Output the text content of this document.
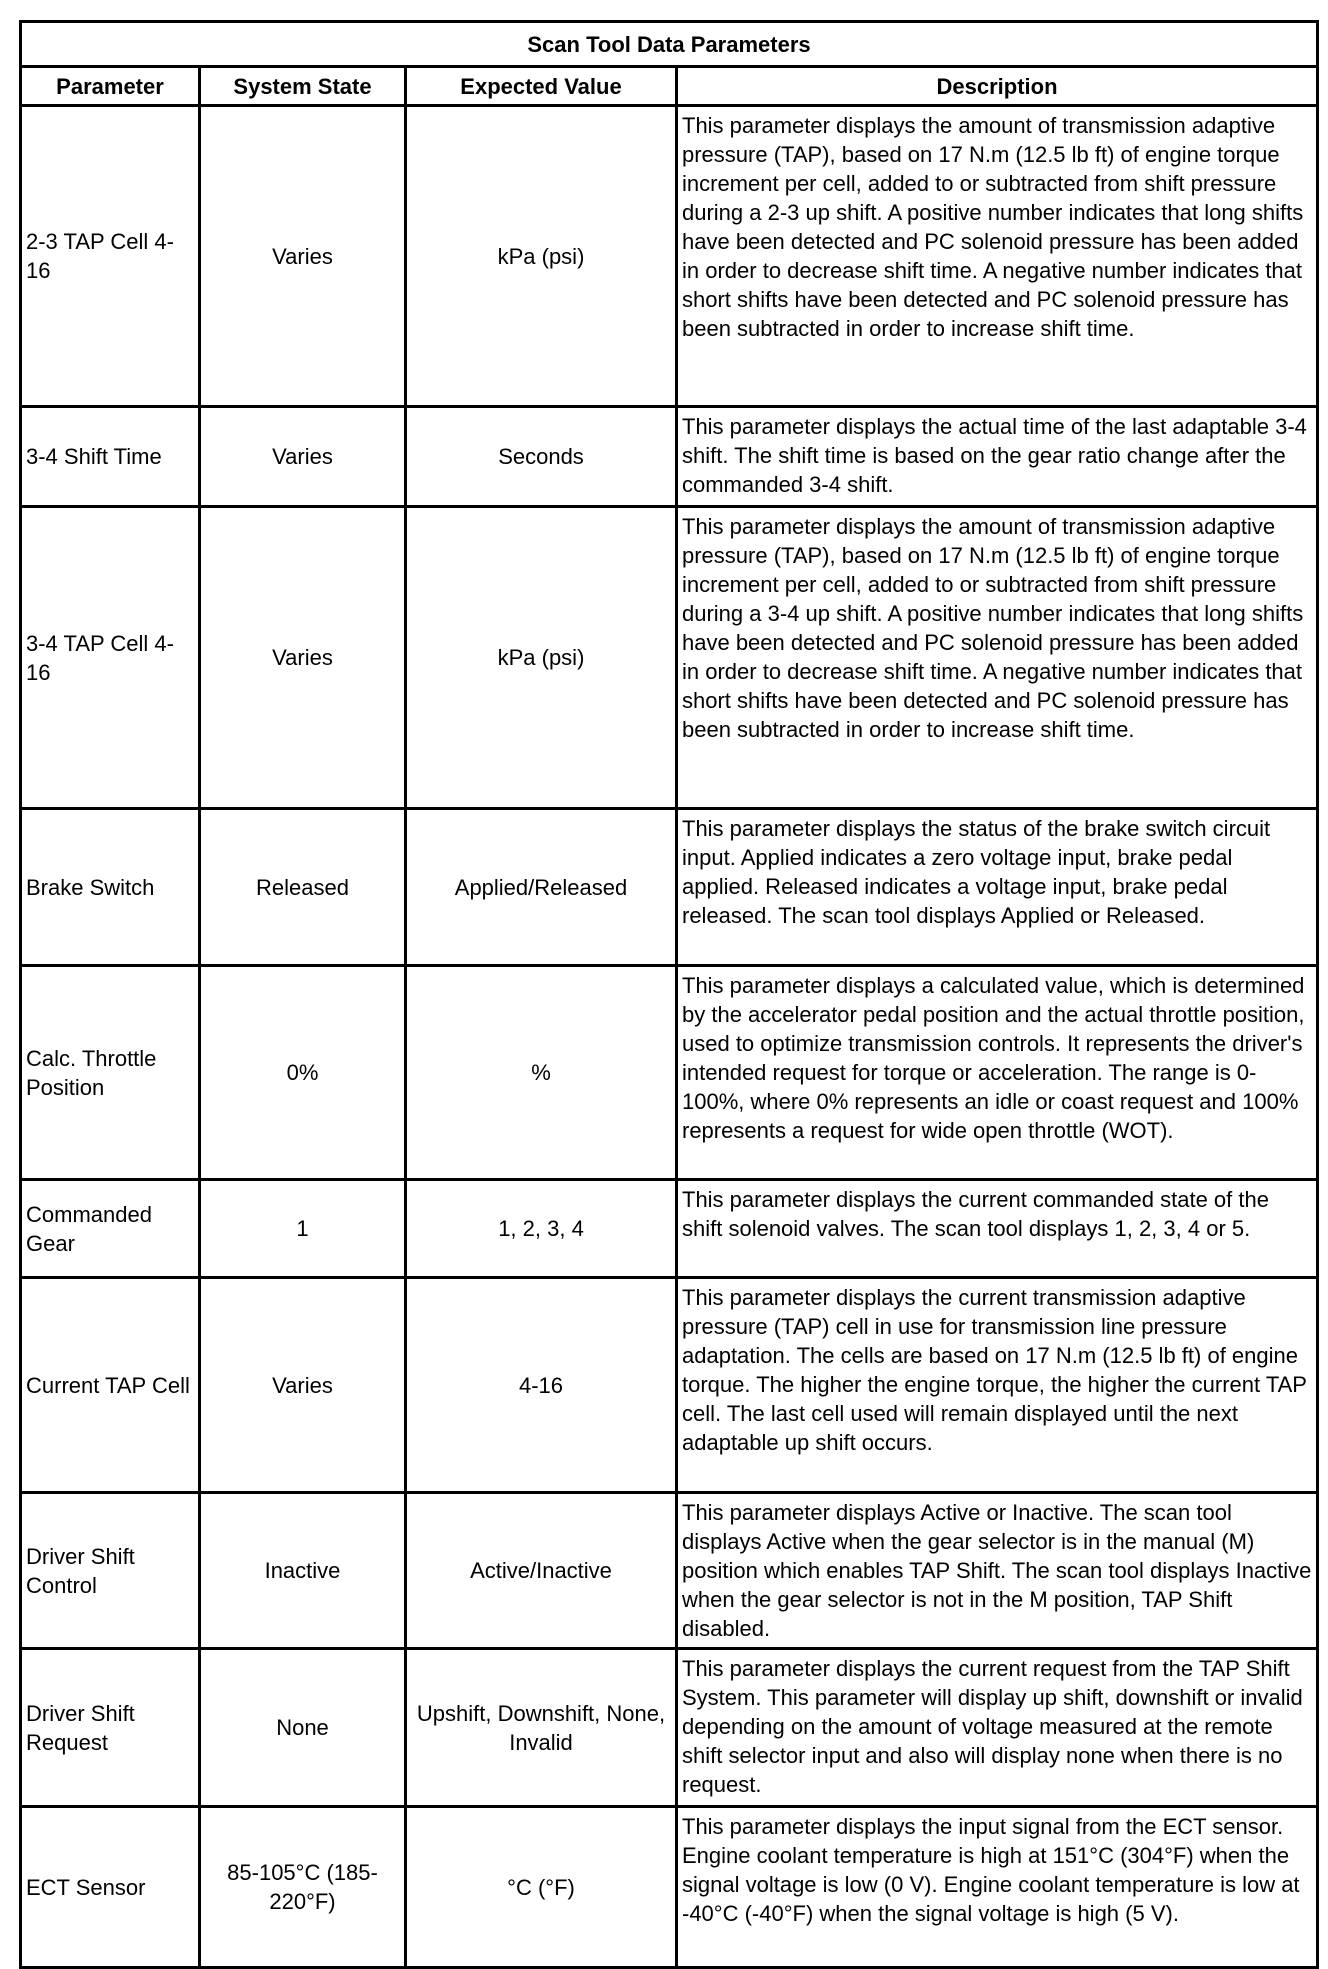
Scan Tool Data Parameters			
Parameter	System State	Expected Value	Description
2-3 TAP Cell 4-16	Varies	kPa (psi)	This parameter displays the amount of transmission adaptive pressure (TAP), based on 17 N.m (12.5 lb ft) of engine torque increment per cell, added to or subtracted from shift pressure during a 2-3 up shift. A positive number indicates that long shifts have been detected and PC solenoid pressure has been added in order to decrease shift time. A negative number indicates that short shifts have been detected and PC solenoid pressure has been subtracted in order to increase shift time.
3-4 Shift Time	Varies	Seconds	This parameter displays the actual time of the last adaptable 3-4 shift. The shift time is based on the gear ratio change after the commanded 3-4 shift.
3-4 TAP Cell 4-16	Varies	kPa (psi)	This parameter displays the amount of transmission adaptive pressure (TAP), based on 17 N.m (12.5 lb ft) of engine torque increment per cell, added to or subtracted from shift pressure during a 3-4 up shift. A positive number indicates that long shifts have been detected and PC solenoid pressure has been added in order to decrease shift time. A negative number indicates that short shifts have been detected and PC solenoid pressure has been subtracted in order to increase shift time.
Brake Switch	Released	Applied/Released	This parameter displays the status of the brake switch circuit input. Applied indicates a zero voltage input, brake pedal applied. Released indicates a voltage input, brake pedal released. The scan tool displays Applied or Released.
Calc. Throttle Position	0%	%	This parameter displays a calculated value, which is determined by the accelerator pedal position and the actual throttle position, used to optimize transmission controls. It represents the driver's intended request for torque or acceleration. The range is 0-100%, where 0% represents an idle or coast request and 100% represents a request for wide open throttle (WOT).
Commanded Gear	1	1, 2, 3, 4	This parameter displays the current commanded state of the shift solenoid valves. The scan tool displays 1, 2, 3, 4 or 5.
Current TAP Cell	Varies	4-16	This parameter displays the current transmission adaptive pressure (TAP) cell in use for transmission line pressure adaptation. The cells are based on 17 N.m (12.5 lb ft) of engine torque. The higher the engine torque, the higher the current TAP cell. The last cell used will remain displayed until the next adaptable up shift occurs.
Driver Shift Control	Inactive	Active/Inactive	This parameter displays Active or Inactive. The scan tool displays Active when the gear selector is in the manual (M) position which enables TAP Shift. The scan tool displays Inactive when the gear selector is not in the M position, TAP Shift disabled.
Driver Shift Request	None	Upshift, Downshift, None, Invalid	This parameter displays the current request from the TAP Shift System. This parameter will display up shift, downshift or invalid depending on the amount of voltage measured at the remote shift selector input and also will display none when there is no request.
ECT Sensor	85-105°C (185-220°F)	°C (°F)	This parameter displays the input signal from the ECT sensor. Engine coolant temperature is high at 151°C (304°F) when the signal voltage is low (0 V). Engine coolant temperature is low at -40°C (-40°F) when the signal voltage is high (5 V).
